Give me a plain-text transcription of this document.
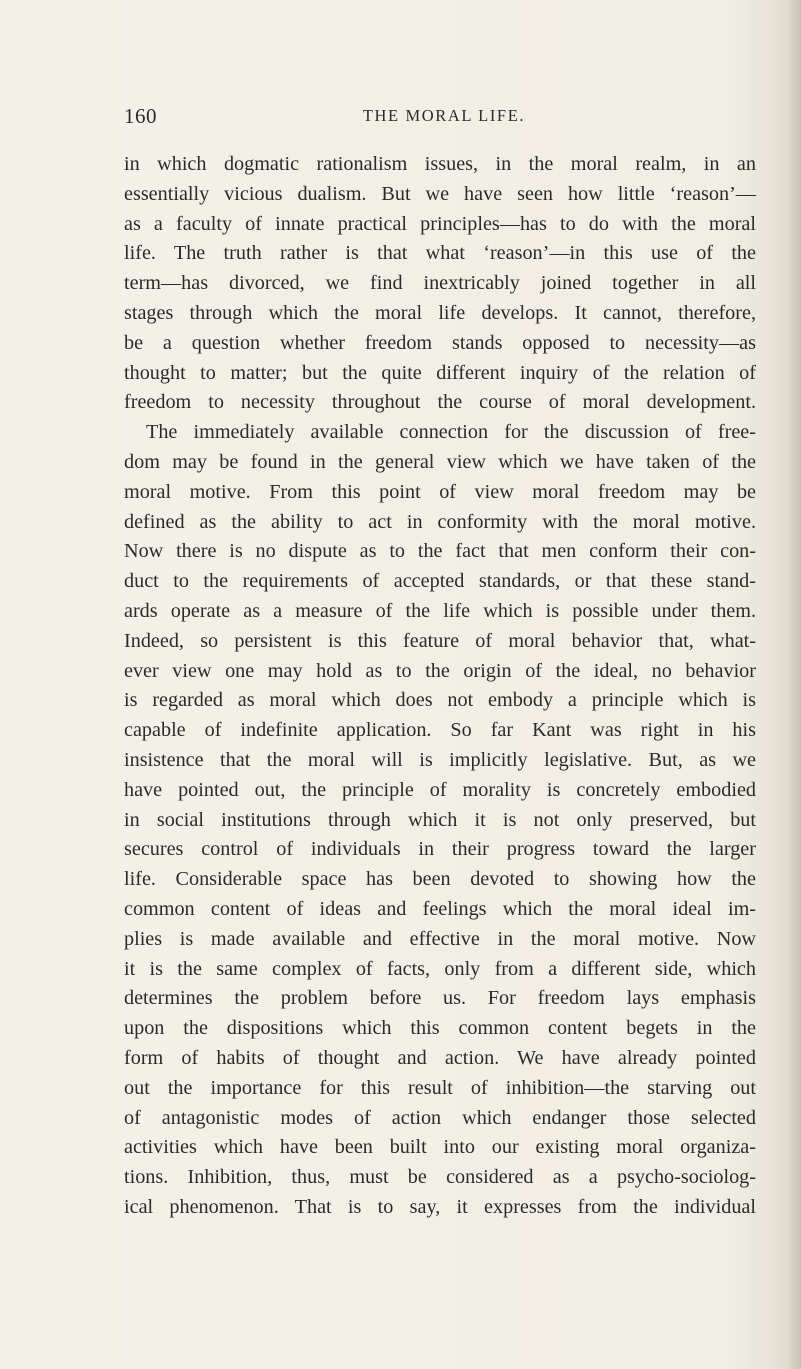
160	THE MORAL LIFE.
in which dogmatic rationalism issues, in the moral realm, in an
essentially vicious dualism. But we have seen how little ‘reason’—
as a faculty of innate practical principles—has to do with the moral
life. The truth rather is that what ‘reason’—in this use of the
term—has divorced, we find inextricably joined together in all
stages through which the moral life develops. It cannot, therefore,
be a question whether freedom stands opposed to necessity—as
thought to matter; but the quite different inquiry of the relation of
freedom to necessity throughout the course of moral development.
The immediately available connection for the discussion of free-
dom may be found in the general view which we have taken of the
moral motive. From this point of view moral freedom may be
defined as the ability to act in conformity with the moral motive.
Now there is no dispute as to the fact that men conform their con-
duct to the requirements of accepted standards, or that these stand-
ards operate as a measure of the life which is possible under them.
Indeed, so persistent is this feature of moral behavior that, what-
ever view one may hold as to the origin of the ideal, no behavior
is regarded as moral which does not embody a principle which is
capable of indefinite application. So far Kant was right in his
insistence that the moral will is implicitly legislative. But, as we
have pointed out, the principle of morality is concretely embodied
in social institutions through which it is not only preserved, but
secures control of individuals in their progress toward the larger
life. Considerable space has been devoted to showing how the
common content of ideas and feelings which the moral ideal im-
plies is made available and effective in the moral motive. Now
it is the same complex of facts, only from a different side, which
determines the problem before us. For freedom lays emphasis
upon the dispositions which this common content begets in the
form of habits of thought and action. We have already pointed
out the importance for this result of inhibition—the starving out
of antagonistic modes of action which endanger those selected
activities which have been built into our existing moral organiza-
tions. Inhibition, thus, must be considered as a psycho-sociolog-
ical phenomenon. That is to say, it expresses from the individual
